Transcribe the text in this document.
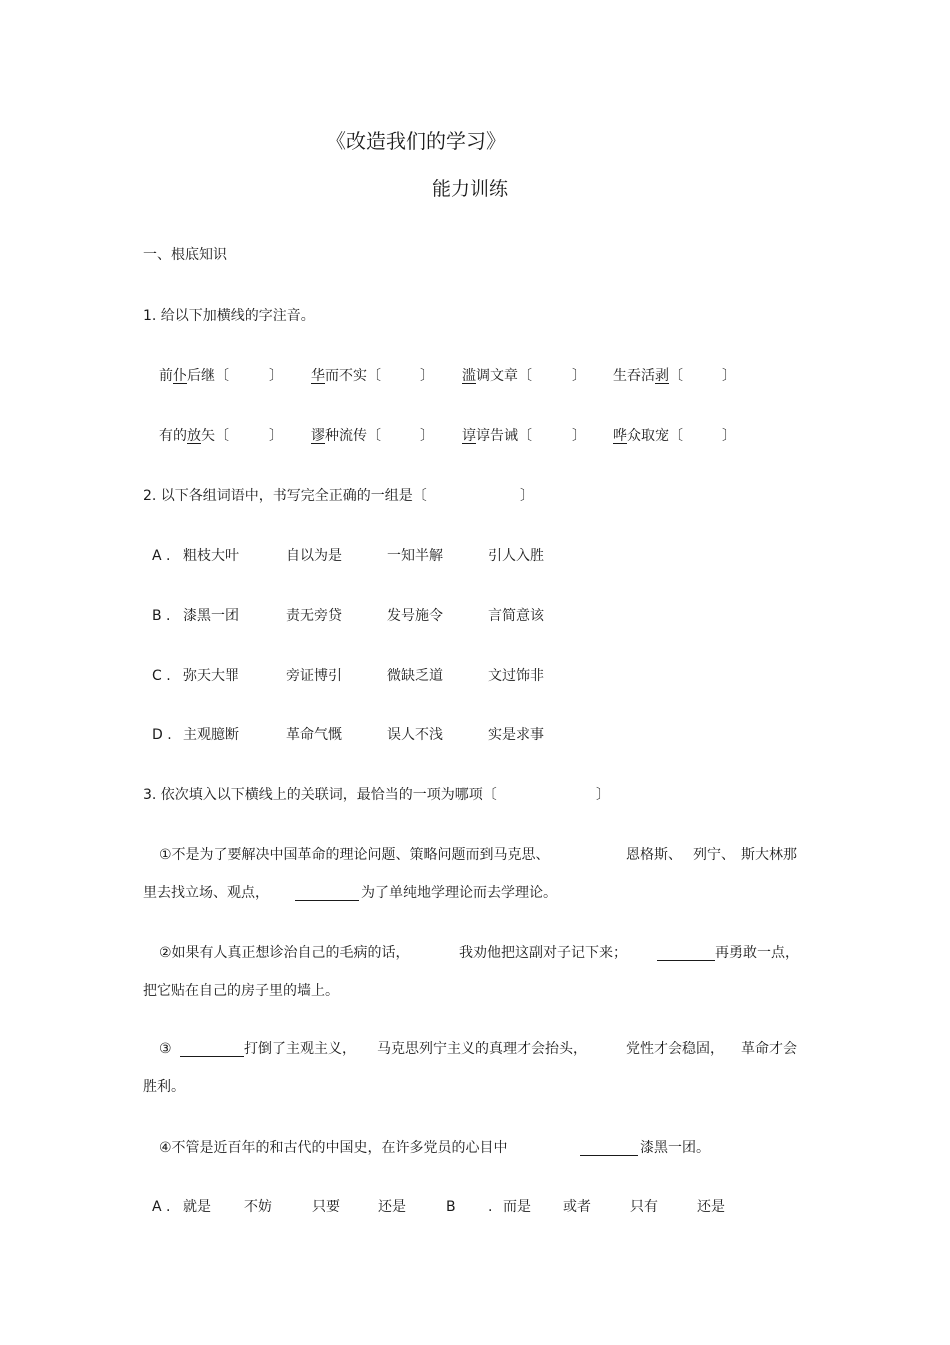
《改造我们的学习》
能力训练
一、根底知识
1. 给以下加横线的字注音。
前仆后继〔	〕 华而不实〔	〕 滥调文章〔	〕 生吞活剥〔	〕
有的放矢〔	〕 谬种流传〔	〕 谆谆告诫〔	〕 哗众取宠〔	〕
2. 以下各组词语中，书写完全正确的一组是〔	〕
A . 粗枝大叶	自以为是	一知半解	引人入胜
B . 漆黑一团	责无旁贷	发号施令	言简意该
C . 弥天大罪	旁证博引	微缺乏道	文过饰非
D . 主观臆断	革命气慨	误人不浅	实是求事
3. 依次填入以下横线上的关联词，最恰当的一项为哪项〔	〕
①不是为了要解决中国革命的理论问题、策略问题而到马克思、	恩格斯、 列宁、 斯大林那
里去找立场、观点，	为了单纯地学理论而去学理论。
②如果有人真正想诊治自己的毛病的话，	我劝他把这副对子记下来；	再勇敢一点，
把它贴在自己的房子里的墙上。
③	打倒了主观主义， 马克思列宁主义的真理才会抬头，	党性才会稳固， 革命才会
胜利。
④不管是近百年的和古代的中国史，在许多党员的心目中	漆黑一团。
A . 就是 不妨	只要	还是	B . 而是 或者	只有	还是
